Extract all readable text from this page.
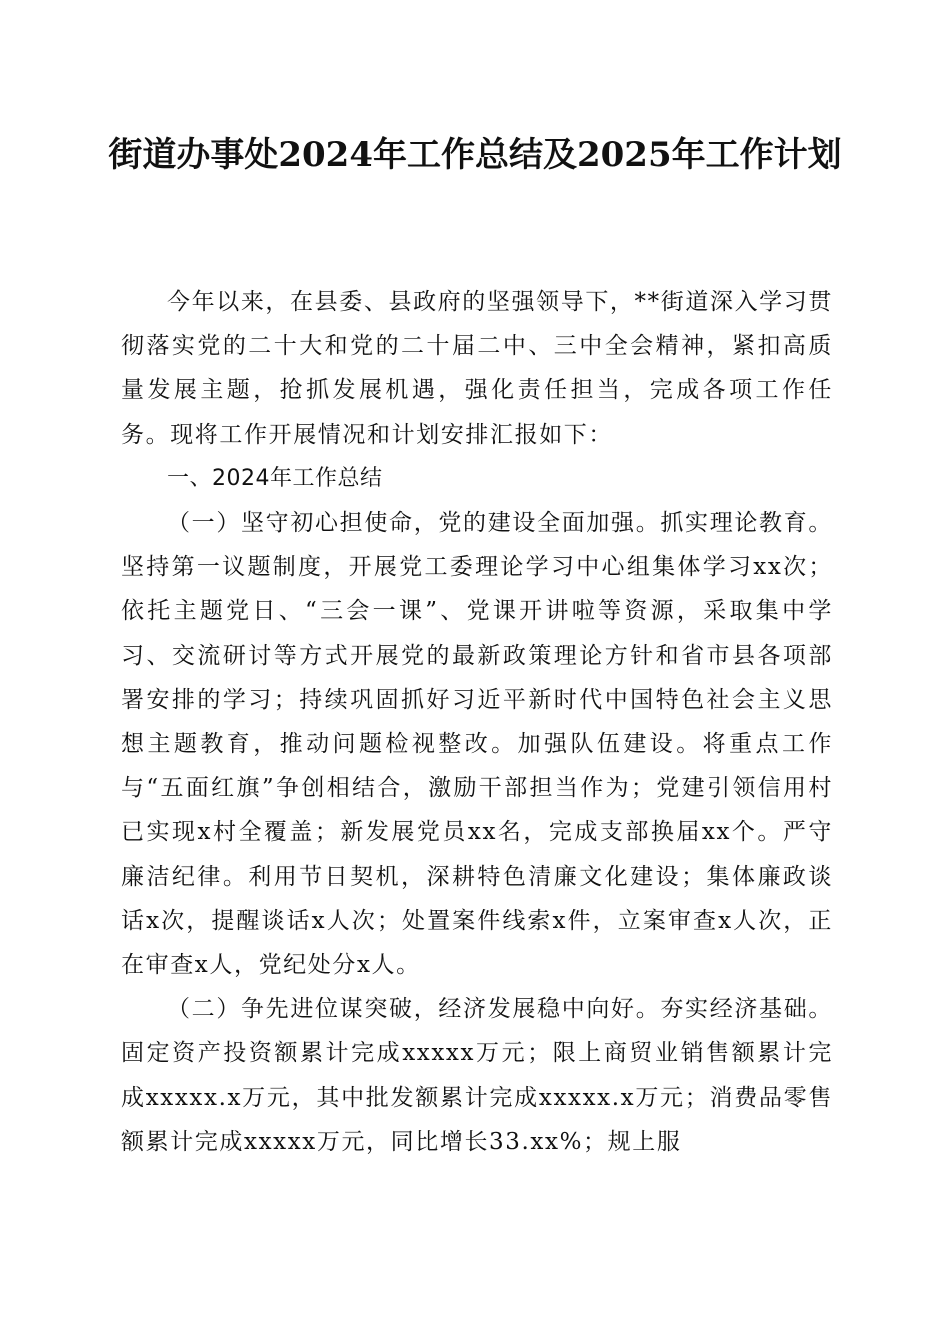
街道办事处2024年工作总结及2025年工作计划

今年以来，在县委、县政府的坚强领导下，**街道深入学习贯彻落实党的二十大和党的二十届二中、三中全会精神，紧扣高质量发展主题，抢抓发展机遇，强化责任担当，完成各项工作任务。现将工作开展情况和计划安排汇报如下：

一、2024年工作总结

（一）坚守初心担使命，党的建设全面加强。抓实理论教育。坚持第一议题制度，开展党工委理论学习中心组集体学习xx次；依托主题党日、“三会一课”、党课开讲啦等资源，采取集中学习、交流研讨等方式开展党的最新政策理论方针和省市县各项部署安排的学习；持续巩固抓好习近平新时代中国特色社会主义思想主题教育，推动问题检视整改。加强队伍建设。将重点工作与“五面红旗”争创相结合，激励干部担当作为；党建引领信用村已实现x村全覆盖；新发展党员xx名，完成支部换届xx个。严守廉洁纪律。利用节日契机，深耕特色清廉文化建设；集体廉政谈话x次，提醒谈话x人次；处置案件线索x件，立案审查x人次，正在审查x人，党纪处分x人。

（二）争先进位谋突破，经济发展稳中向好。夯实经济基础。固定资产投资额累计完成xxxxx万元；限上商贸业销售额累计完成xxxxx.x万元，其中批发额累计完成xxxxx.x万元；消费品零售额累计完成xxxxx万元，同比增长33.xx%；规上服
